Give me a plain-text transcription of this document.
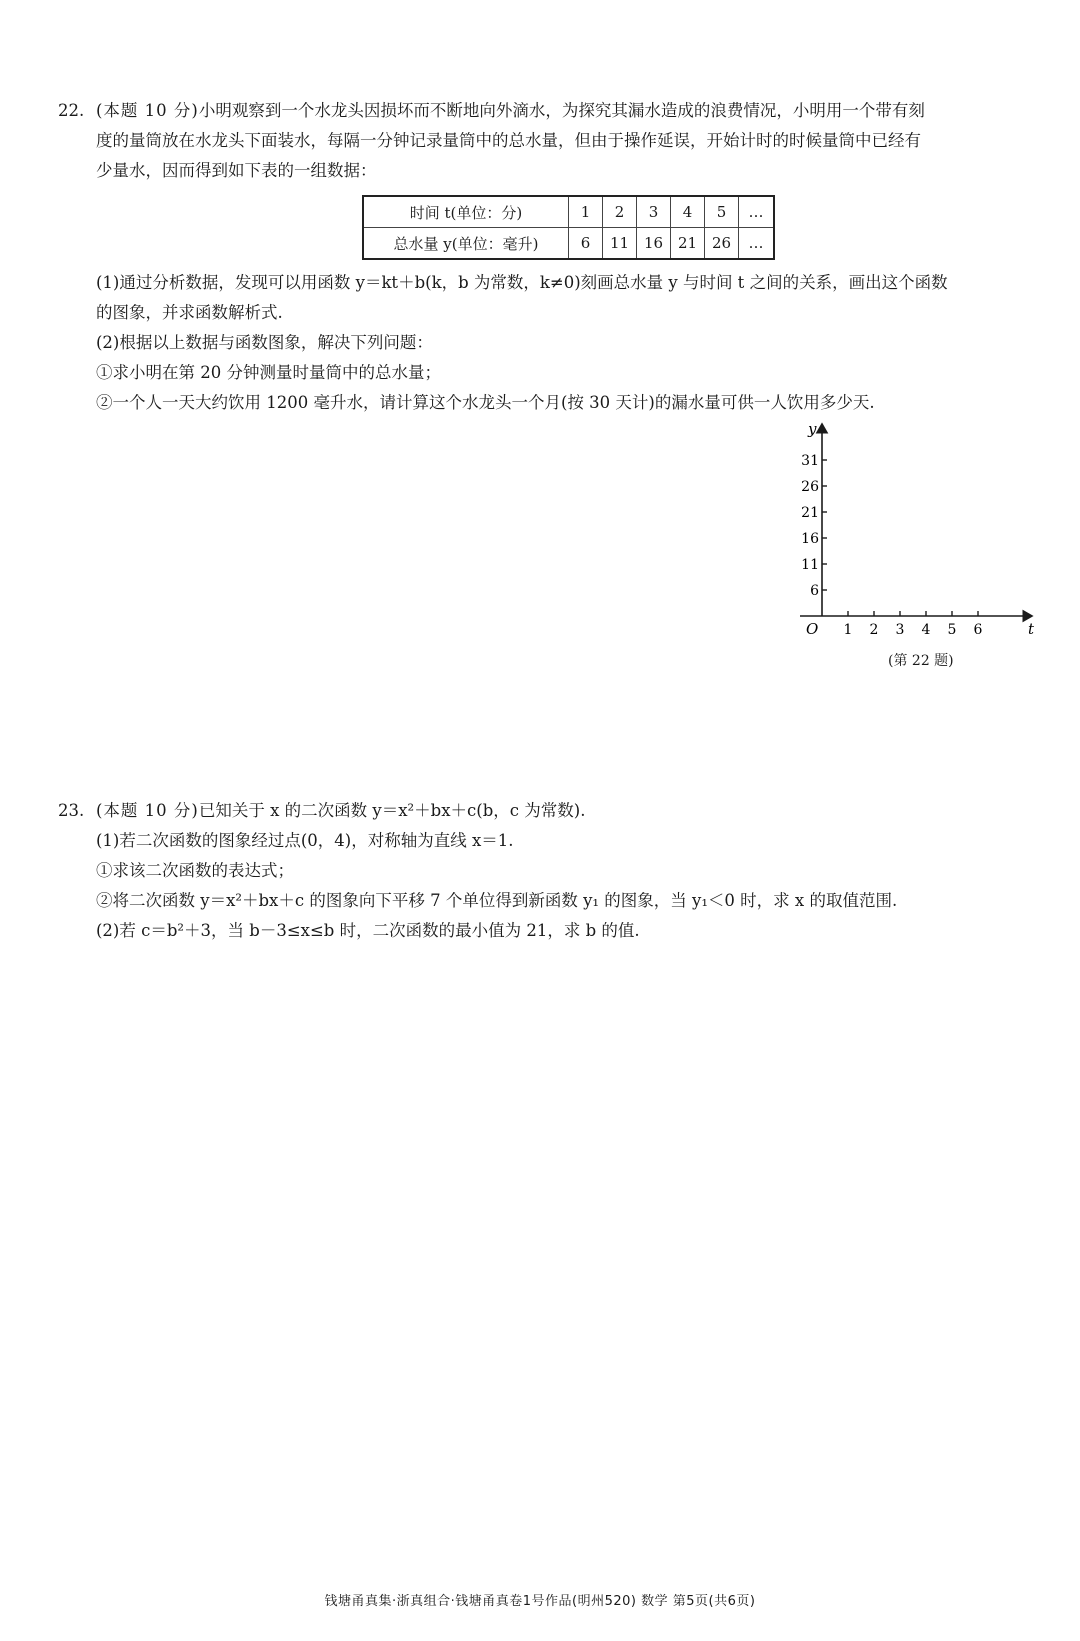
22. (本题 10 分)小明观察到一个水龙头因损坏而不断地向外滴水，为探究其漏水造成的浪费情况，小明用一个带有刻

度的量筒放在水龙头下面装水，每隔一分钟记录量筒中的总水量，但由于操作延误，开始计时的时候量筒中已经有

少量水，因而得到如下表的一组数据：

时间 t(单位：分)	1	2	3	4	5	…
总水量 y(单位：毫升)	6	11	16	21	26	…

(1)通过分析数据，发现可以用函数 y＝kt＋b(k，b 为常数，k≠0)刻画总水量 y 与时间 t 之间的关系，画出这个函数

的图象，并求函数解析式.

(2)根据以上数据与函数图象，解决下列问题：

①求小明在第 20 分钟测量时量筒中的总水量；

②一个人一天大约饮用 1200 毫升水，请计算这个水龙头一个月(按 30 天计)的漏水量可供一人饮用多少天.

y
t
O
6
11
16
21
26
31
1 2 3 4 5 6
(第 22 题)

23. (本题 10 分)已知关于 x 的二次函数 y＝x²＋bx＋c(b，c 为常数).

(1)若二次函数的图象经过点(0，4)，对称轴为直线 x＝1.

①求该二次函数的表达式；

②将二次函数 y＝x²＋bx＋c 的图象向下平移 7 个单位得到新函数 y₁ 的图象，当 y₁＜0 时，求 x 的取值范围.

(2)若 c＝b²＋3，当 b－3≤x≤b 时，二次函数的最小值为 21，求 b 的值.

钱塘甬真集·浙真组合·钱塘甬真卷1号作品(明州520) 数学 第5页(共6页)
